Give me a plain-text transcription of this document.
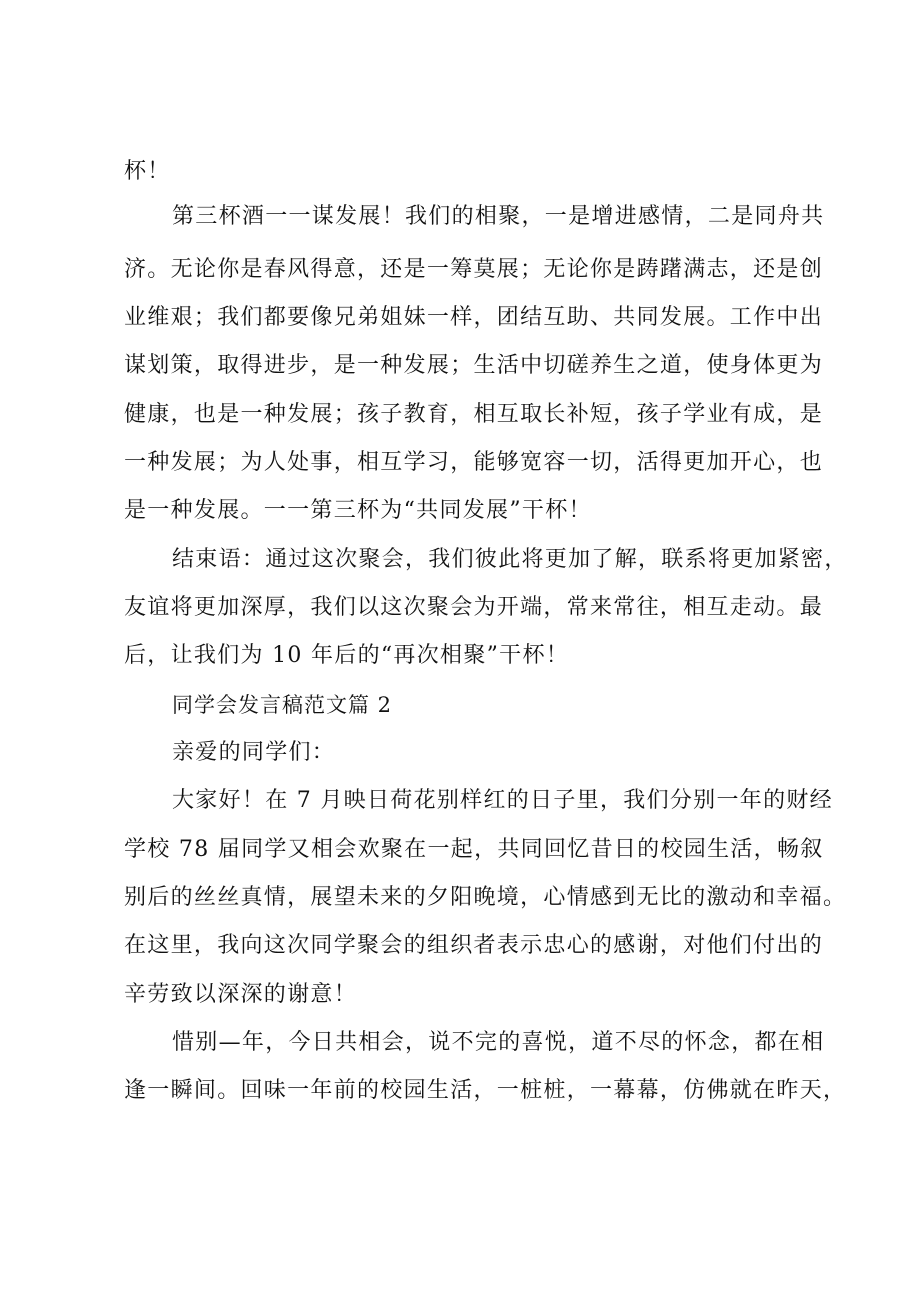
杯！
第三杯酒一一谋发展！我们的相聚，一是增进感情，二是同舟共
济。无论你是春风得意，还是一筹莫展；无论你是踌躇满志，还是创
业维艰；我们都要像兄弟姐妹一样，团结互助、共同发展。工作中出
谋划策，取得进步，是一种发展；生活中切磋养生之道，使身体更为
健康，也是一种发展；孩子教育，相互取长补短，孩子学业有成，是
一种发展；为人处事，相互学习，能够宽容一切，活得更加开心，也
是一种发展。一一第三杯为“共同发展”干杯！
结束语：通过这次聚会，我们彼此将更加了解，联系将更加紧密，
友谊将更加深厚，我们以这次聚会为开端，常来常往，相互走动。最
后，让我们为 10 年后的“再次相聚”干杯！
同学会发言稿范文篇 2
亲爱的同学们：
大家好！在 7 月映日荷花别样红的日子里，我们分别一年的财经
学校 78 届同学又相会欢聚在一起，共同回忆昔日的校园生活，畅叙
别后的丝丝真情，展望未来的夕阳晚境，心情感到无比的激动和幸福。
在这里，我向这次同学聚会的组织者表示忠心的感谢，对他们付出的
辛劳致以深深的谢意！
惜别—年，今日共相会，说不完的喜悦，道不尽的怀念，都在相
逢一瞬间。回味一年前的校园生活，一桩桩，一幕幕，仿佛就在昨天，
